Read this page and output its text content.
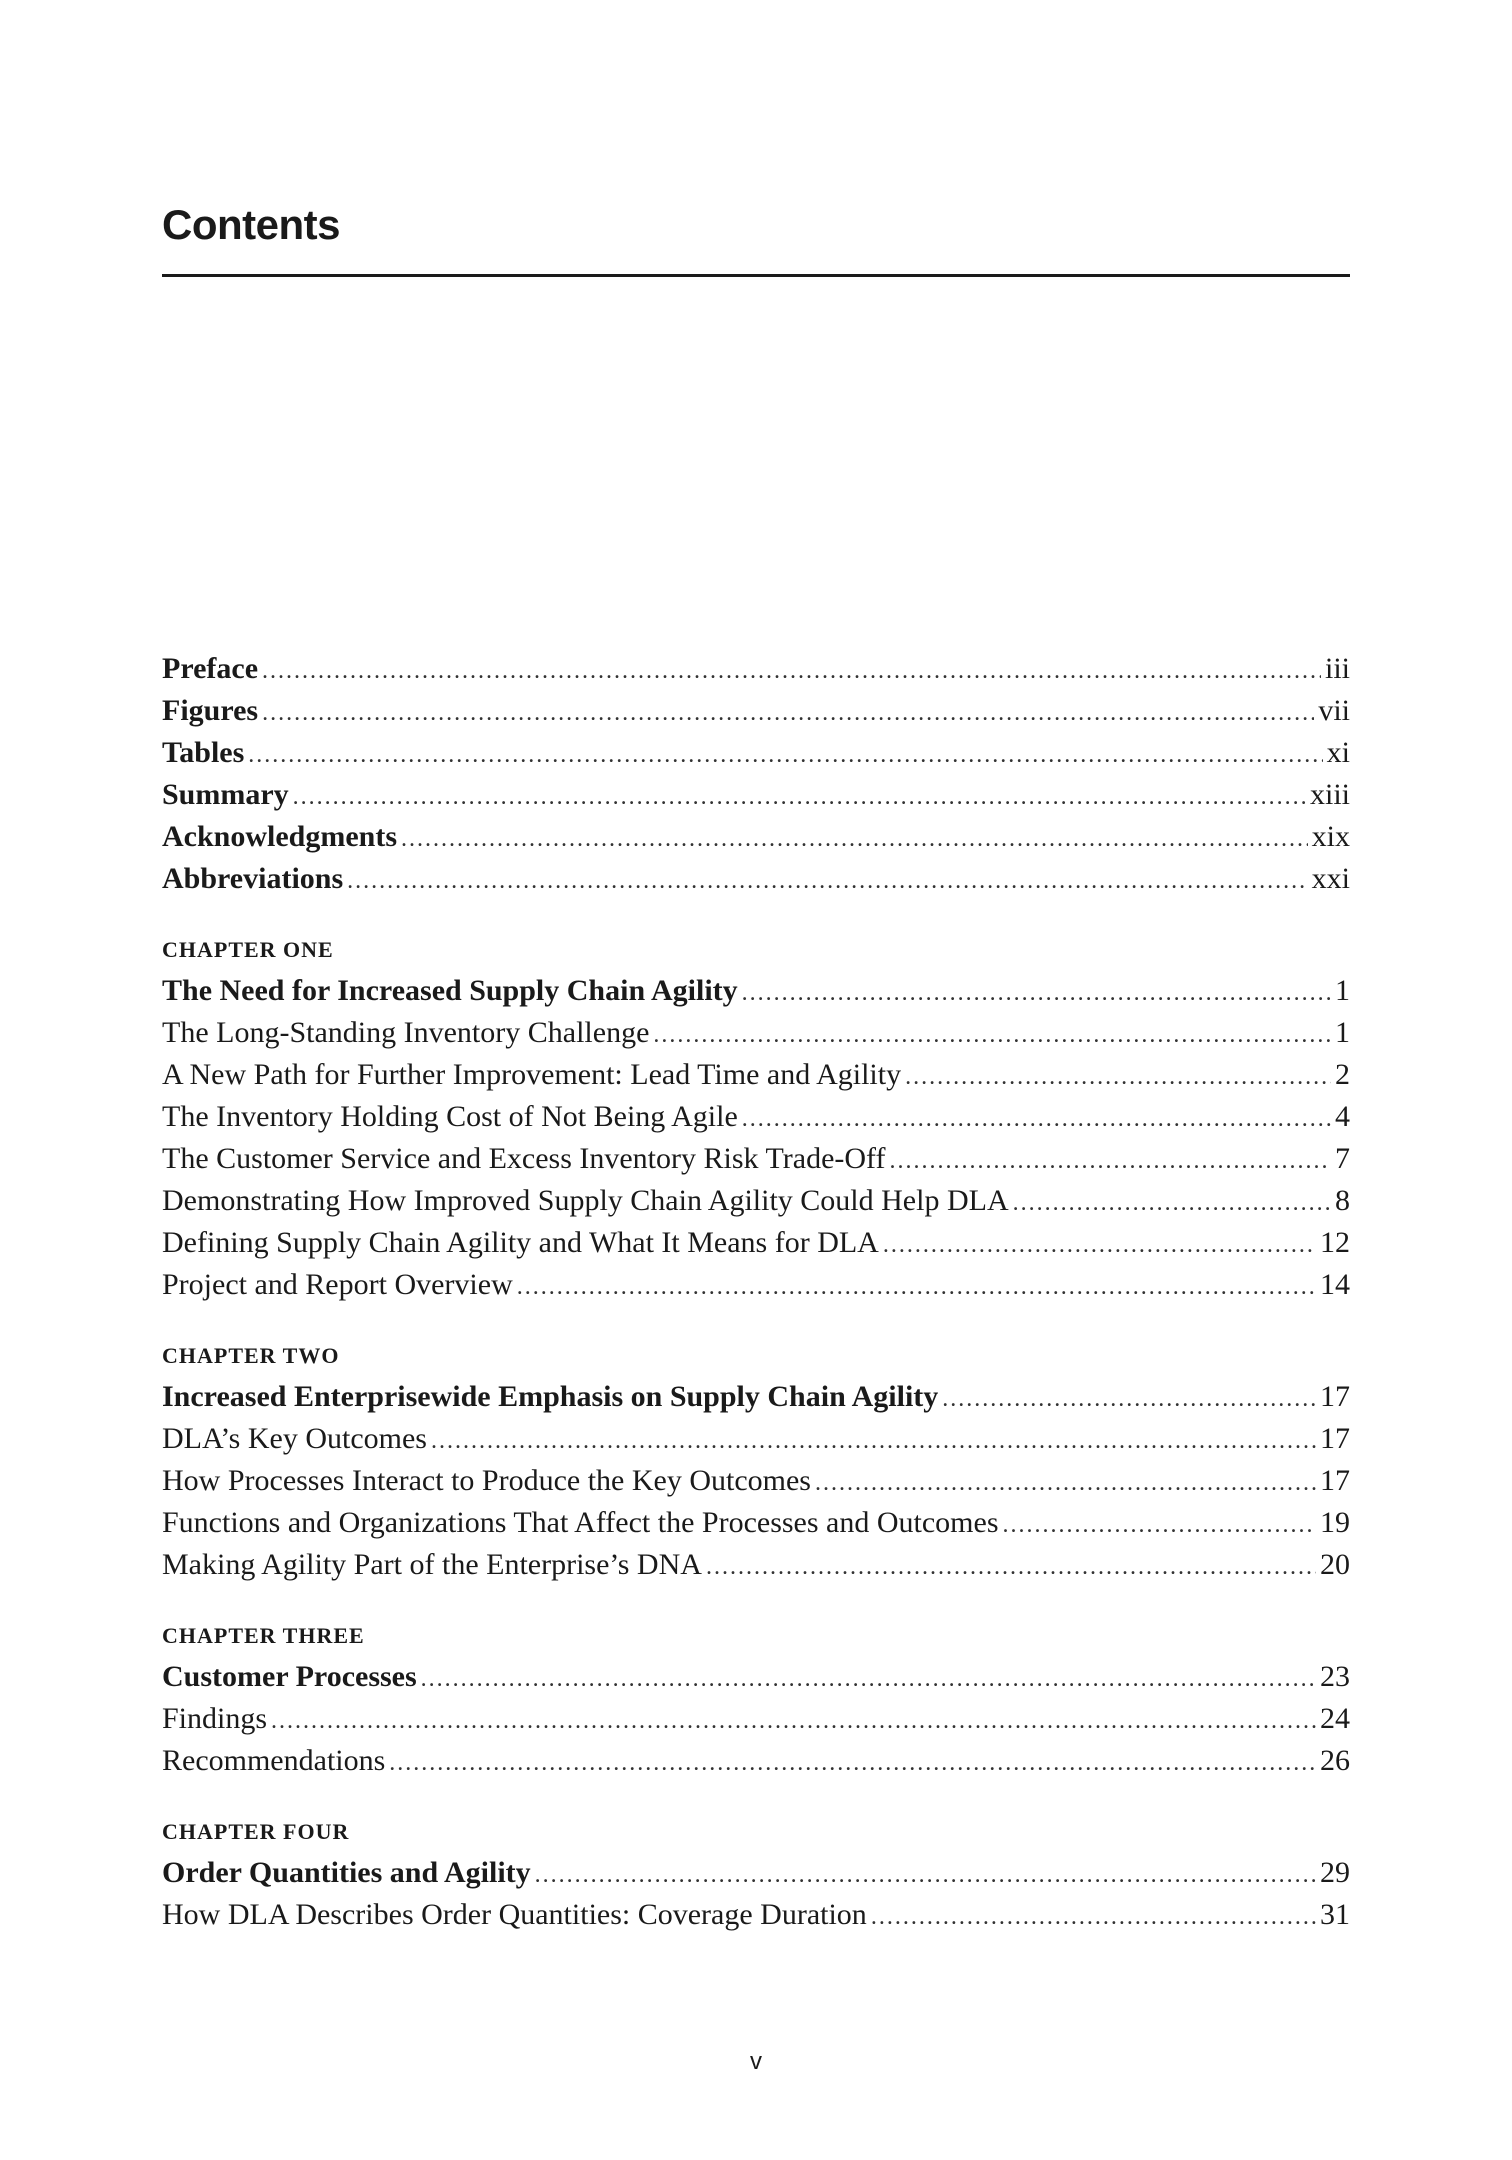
Contents
Preface .....	iii
Figures .....	vii
Tables .....	xi
Summary .....	xiii
Acknowledgments .....	xix
Abbreviations .....	xxi
CHAPTER ONE
The Need for Increased Supply Chain Agility .....	1
The Long-Standing Inventory Challenge .....	1
A New Path for Further Improvement: Lead Time and Agility .....	2
The Inventory Holding Cost of Not Being Agile .....	4
The Customer Service and Excess Inventory Risk Trade-Off .....	7
Demonstrating How Improved Supply Chain Agility Could Help DLA .....	8
Defining Supply Chain Agility and What It Means for DLA .....	12
Project and Report Overview .....	14
CHAPTER TWO
Increased Enterprisewide Emphasis on Supply Chain Agility .....	17
DLA’s Key Outcomes .....	17
How Processes Interact to Produce the Key Outcomes .....	17
Functions and Organizations That Affect the Processes and Outcomes .....	19
Making Agility Part of the Enterprise’s DNA .....	20
CHAPTER THREE
Customer Processes .....	23
Findings .....	24
Recommendations .....	26
CHAPTER FOUR
Order Quantities and Agility .....	29
How DLA Describes Order Quantities: Coverage Duration .....	31
v
